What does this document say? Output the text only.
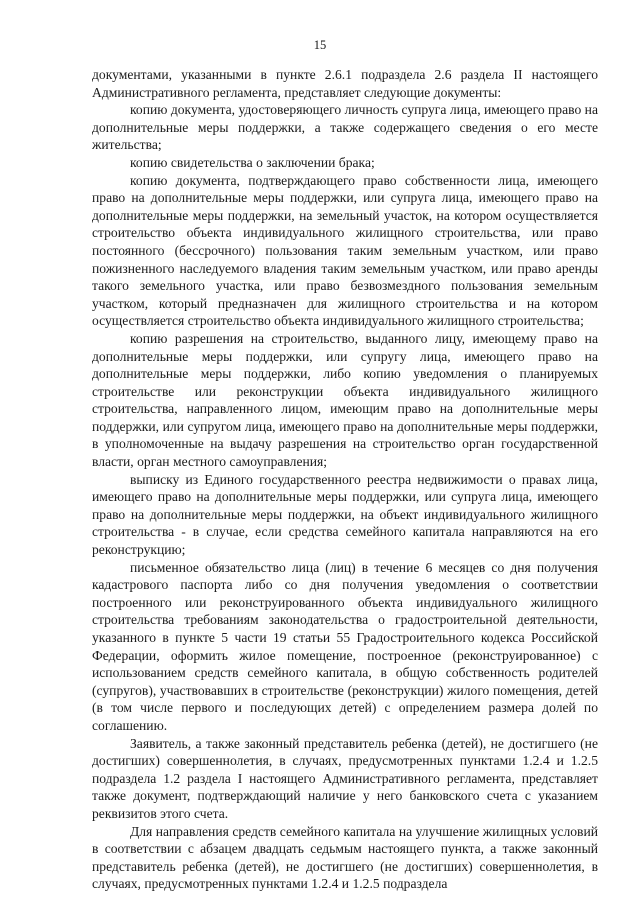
15

документами, указанными в пункте 2.6.1 подраздела 2.6 раздела II настоящего Административного регламента, представляет следующие документы:

копию документа, удостоверяющего личность супруга лица, имеющего право на дополнительные меры поддержки, а также содержащего сведения о его месте жительства;

копию свидетельства о заключении брака;

копию документа, подтверждающего право собственности лица, имеющего право на дополнительные меры поддержки, или супруга лица, имеющего право на дополнительные меры поддержки, на земельный участок, на котором осуществляется строительство объекта индивидуального жилищного строительства, или право постоянного (бессрочного) пользования таким земельным участком, или право пожизненного наследуемого владения таким земельным участком, или право аренды такого земельного участка, или право безвозмездного пользования земельным участком, который предназначен для жилищного строительства и на котором осуществляется строительство объекта индивидуального жилищного строительства;

копию разрешения на строительство, выданного лицу, имеющему право на дополнительные меры поддержки, или супругу лица, имеющего право на дополнительные меры поддержки, либо копию уведомления о планируемых строительстве или реконструкции объекта индивидуального жилищного строительства, направленного лицом, имеющим право на дополнительные меры поддержки, или супругом лица, имеющего право на дополнительные меры поддержки, в уполномоченные на выдачу разрешения на строительство орган государственной власти, орган местного самоуправления;

выписку из Единого государственного реестра недвижимости о правах лица, имеющего право на дополнительные меры поддержки, или супруга лица, имеющего право на дополнительные меры поддержки, на объект индивидуального жилищного строительства - в случае, если средства семейного капитала направляются на его реконструкцию;

письменное обязательство лица (лиц) в течение 6 месяцев со дня получения кадастрового паспорта либо со дня получения уведомления о соответствии построенного или реконструированного объекта индивидуального жилищного строительства требованиям законодательства о градостроительной деятельности, указанного в пункте 5 части 19 статьи 55 Градостроительного кодекса Российской Федерации, оформить жилое помещение, построенное (реконструированное) с использованием средств семейного капитала, в общую собственность родителей (супругов), участвовавших в строительстве (реконструкции) жилого помещения, детей (в том числе первого и последующих детей) с определением размера долей по соглашению.

Заявитель, а также законный представитель ребенка (детей), не достигшего (не достигших) совершеннолетия, в случаях, предусмотренных пунктами 1.2.4 и 1.2.5 подраздела 1.2 раздела I настоящего Административного регламента, представляет также документ, подтверждающий наличие у него банковского счета с указанием реквизитов этого счета.

Для направления средств семейного капитала на улучшение жилищных условий в соответствии с абзацем двадцать седьмым настоящего пункта, а также законный представитель ребенка (детей), не достигшего (не достигших) совершеннолетия, в случаях, предусмотренных пунктами 1.2.4 и 1.2.5 подраздела
